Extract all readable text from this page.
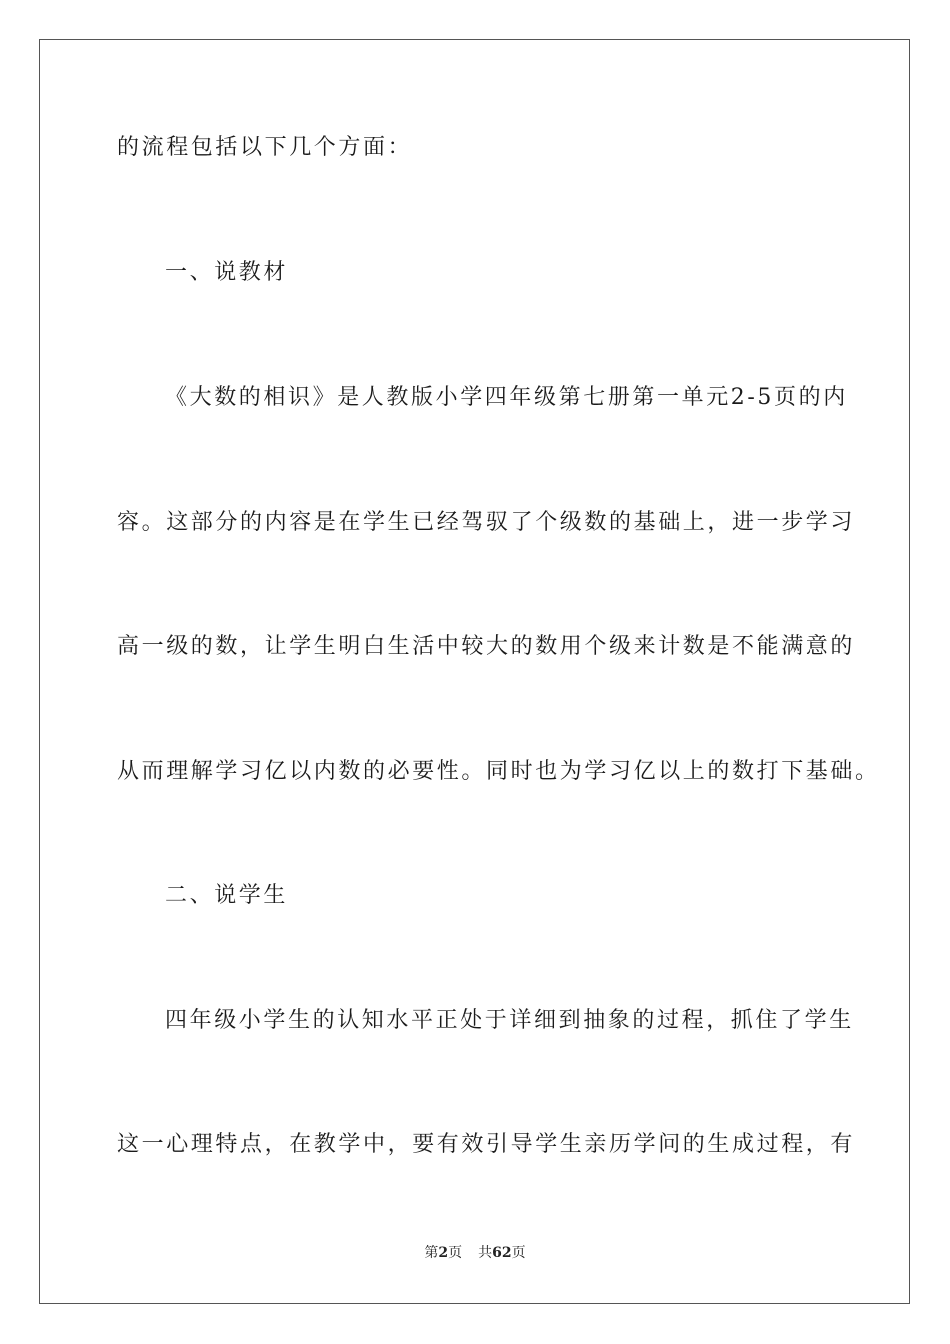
的流程包括以下几个方面：
一、说教材
《大数的相识》是人教版小学四年级第七册第一单元2-5页的内
容。这部分的内容是在学生已经驾驭了个级数的基础上，进一步学习
高一级的数，让学生明白生活中较大的数用个级来计数是不能满意的
从而理解学习亿以内数的必要性。同时也为学习亿以上的数打下基础。
二、说学生
四年级小学生的认知水平正处于详细到抽象的过程，抓住了学生
这一心理特点，在教学中，要有效引导学生亲历学问的生成过程，有
第2页 共62页
